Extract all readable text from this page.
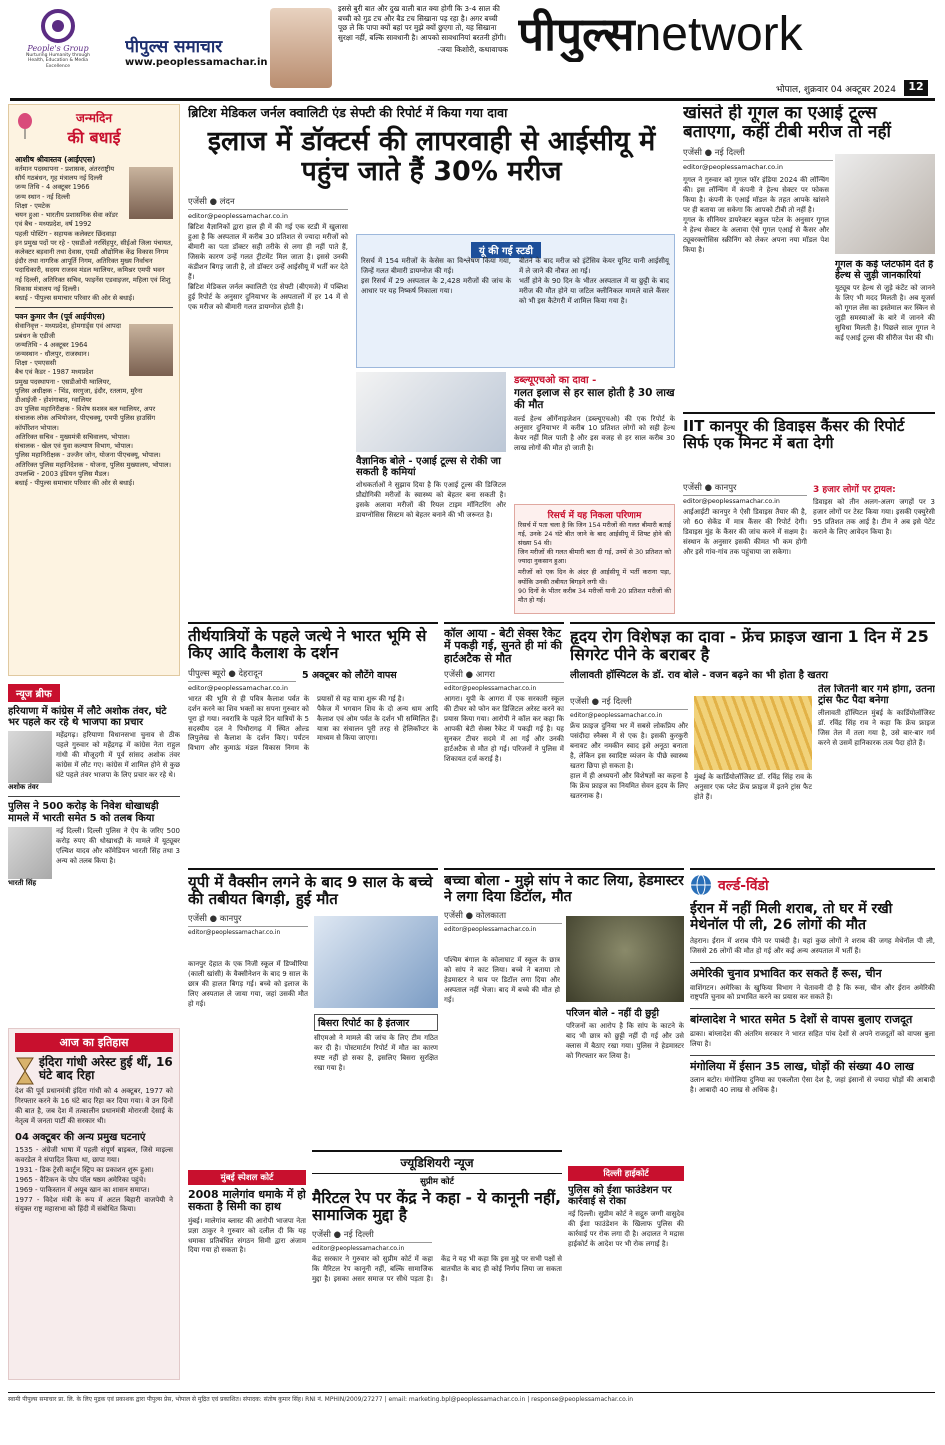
People's Group
Nurturing Humanity through Health, Education & Media Excellence
पीपुल्स समाचार
www.peoplessamachar.in
इससे बुरी बात और दुख वाली बात क्या होगी कि 3-4 साल की बच्ची को गुड टच और बैड टच सिखाना पड़ रहा है। अगर बच्ची पूछ ले कि पापा क्यों बहां पर मुझे क्यों छुएगा तो, यह सिखाना सुरक्षा नहीं, बल्कि सावधानी है। आपको सावधानियां बरतनी होंगी।
-जया किशोरी, कथावाचक पीपुल्सnetwork
भोपाल, शुक्रवार 04 अक्टूबर 2024	12
जन्मदिन
की बधाई
आशीष श्रीवास्तव (आईएएस)
वर्तमान पदस्थापना - प्रशासक, अंतरराष्ट्रीय सौर्य गठबंधन, गृह मंत्रालय नई दिल्ली
जन्म तिथि - 4 अक्टूबर 1966
जन्म स्थान - नई दिल्ली
शिक्षा - एमटेक
चयन हुआ - भारतीय प्रशासनिक सेवा कॉडर एवं बैच - मध्यप्रदेश, वर्ष 1992
पहली पोस्टिंग - सहायक कलेक्टर छिंदवाड़ा
इन प्रमुख पदों पर रहे - एसडीओ नरसिंहपुर, सीईओ जिला पंचायत, कलेक्टर बड़वानी तथा देवास, एमडी औद्योगिक केंद्र विकास निगम इंदौर तथा नागरिक आपूर्ति निगम, अतिरिक्त मुख्य निर्वाचन पदाधिकारी, सदस्य राजस्व मंडल ग्वालियर, कमिश्नर एमपी भवन नई दिल्ली, अतिरिक्त सचिव, फाइनेंस एडवाइजर, महिला एवं शिशु विकास मंत्रालय नई दिल्ली।
बधाई - पीपुल्स समाचार परिवार की ओर से बधाई।
पवन कुमार जैन (पूर्व आईपीएस)
सेवानिवृत्त - मध्यप्रदेश, होमगार्ड्स एवं आपदा प्रबंधन के एडीजी
जन्मतिथि - 4 अक्टूबर 1964
जन्मस्थान - धौलपुर, राजस्थान।
शिक्षा - एमएससी
बैच एवं कैडर - 1987 मध्यप्रदेश
प्रमुख पदस्थापना - एसडीओपी ग्वालियर, पुलिस अधीक्षक - भिंड, सरगुजा, इंदौर, रतलाम, मुरैना
डीआईजी - होशंगाबाद, ग्वालियर
उप पुलिस महानिरीक्षक - विशेष सशस्त्र बल ग्वालियर, अपर संचालक लोक अभियोजन, पीएचक्यू, एमपी पुलिस हाउसिंग कॉर्पोरेशन भोपाल।
अतिरिक्त सचिव - मुख्यमंत्री सचिवालय, भोपाल।
संचालक - खेल एवं युवा कल्याण विभाग, भोपाल।
पुलिस महानिरीक्षक - उज्जैन जोन, योजना पीएचक्यू, भोपाल।
अतिरिक्त पुलिस महानिदेशक - योजना, पुलिस मुख्यालय, भोपाल।
उपलब्धि - 2003 इंडियन पुलिस मैडल।
बधाई - पीपुल्स समाचार परिवार की ओर से बधाई।
न्यूज ब्रीफ
हरियाणा में कांग्रेस में लौटे अशोक तंवर, घंटे भर पहले कर रहे थे भाजपा का प्रचार
महेंद्रगढ़। हरियाणा विधानसभा चुनाव से ठीक पहले गुरुवार को महेंद्रगढ़ में कांग्रेस नेता राहुल गांधी की मौजूदगी में पूर्व सांसद अशोक तंवर कांग्रेस में लौट गए। कांग्रेस में शामिल होने से कुछ घंटे पहले तंवर भाजपा के लिए प्रचार कर रहे थे।
अशोक तंवर
पुलिस ने 500 करोड़ के निवेश धोखाधड़ी मामले में भारती समेत 5 को तलब किया
नई दिल्ली। दिल्ली पुलिस ने ऐप के जरिए 500 करोड़ रुपए की धोखाधड़ी के मामले में यूट्यूबर एल्विश यादव और कॉमेडियन भारती सिंह तथा 3 अन्य को तलब किया है।
भारती सिंह
आज का इतिहास
इंदिरा गांधी अरेस्ट हुई थीं, 16 घंटे बाद रिहा
देश की पूर्व प्रधानमंत्री इंदिरा गांधी को 4 अक्टूबर, 1977 को गिरफ्तार करने के 16 घंटे बाद रिहा कर दिया गया। वे उन दिनों की बात है, जब देश में तत्कालीन प्रधानमंत्री मोरारजी देसाई के नेतृत्व में जनता पार्टी की सरकार थी।
04 अक्टूबर की अन्य प्रमुख घटनाएं
1535 - अंग्रेजी भाषा में पहली संपूर्ण बाइबल, जिसे माइल्स कवरडेल ने संपादित किया था, छापा गया।
1931 - डिक ट्रेसी कार्टून स्ट्रिप का प्रकाशन शुरू हुआ।
1965 - वैटिकन के पोप पॉल षष्ठम अमेरिका पहुंचे।
1969 - पाकिस्तान में अयूब खान का शासन समाप्त।
1977 - विदेश मंत्री के रूप में अटल बिहारी वाजपेयी ने संयुक्त राष्ट्र महासभा को हिंदी में संबोधित किया।
ब्रिटिश मेडिकल जर्नल क्वालिटी एंड सेफ्टी की रिपोर्ट में किया गया दावा
इलाज में डॉक्टर्स की लापरवाही से आईसीयू में पहुंच जाते हैं 30% मरीज
एजेंसी ● लंदन
editor@peoplessamachar.co.in
ब्रिटिश वैज्ञानिकों द्वारा हाल ही में की गई एक स्टडी में खुलासा हुआ है कि अस्पताल में करीब 30 प्रतिशत से ज्यादा मरीजों को बीमारी का पता डॉक्टर सही तरीके से लगा ही नहीं पाते हैं, जिसके कारण उन्हें गलत ट्रीटमेंट मिल जाता है। इससे उनकी कंडीशन बिगड़ जाती है, तो डॉक्टर उन्हें आईसीयू में भर्ती कर देते हैं।
ब्रिटिश मेडिकल जर्नल क्वालिटी एंड सेफ्टी (बीएमजे) में पब्लिश हुई रिपोर्ट के अनुसार दुनियाभर के अस्पतालों में हर 14 में से एक मरीज को बीमारी गलत डायग्नोज होती है।
यूं की गई स्टडी
रिसर्च में 154 मरीजों के केसेस का विश्लेषण किया गया, जिन्हें गलत बीमारी डायग्नोज की गई।
इस रिसर्च में 29 अस्पताल के 2,428 मरीजों की जांच के आधार पर यह निष्कर्ष निकाला गया।
बीतने के बाद मरीज को इंटेंसिव केयर यूनिट यानी आईसीयू में ले जाने की नौबत आ गई।
भर्ती होने के 90 दिन के भीतर अस्पताल में या छुट्टी के बाद मरीज की मौत होने या जटिल क्लीनिकल मामले वाले कैंसर को भी इस कैटेगरी में शामिल किया गया है।
वैज्ञानिक बोले - एआई टूल्स से रोकी जा सकती है कमियां
शोधकर्ताओं ने सुझाव दिया है कि एआई टूल्स की डिजिटल प्रौद्योगिकी मरीजों के स्वास्थ्य को बेहतर बना सकती है। इसके अलावा मरीजों की रियल टाइम मॉनिटरिंग और डायग्नोसिस सिस्टम को बेहतर बनाने की भी जरूरत है।
डब्ल्यूएचओ का दावा -
गलत इलाज से हर साल होती है 30 लाख की मौत
वर्ल्ड हेल्थ ऑर्गेनाइजेशन (डब्ल्यूएचओ) की एक रिपोर्ट के अनुसार दुनियाभर में करीब 10 प्रतिशत लोगों को सही हेल्थ केयर नहीं मिल पाती है और इस वजह से हर साल करीब 30 लाख लोगों की मौत हो जाती है।
रिसर्च में यह निकला परिणाम
रिसर्च में पता चला है कि जिन 154 मरीजों की गलत बीमारी बताई गई, उनके 24 घंटे बीत जाने के बाद आईसीयू में शिफ्ट होने की संख्या 54 थी।
जिन मरीजों की गलत बीमारी बता दी गई, उनमें से 30 प्रतिशत को ज्यादा नुकसान हुआ।
मरीजों को एक दिन के अंदर ही आईसीयू में भर्ती कराना पड़ा, क्योंकि उनकी तबीयत बिगड़ने लगी थी।
90 दिनों के भीतर करीब 34 मरीजों यानी 20 प्रतिशत मरीजों की मौत हो गई।
खांसते ही गूगल का एआई टूल्स बताएगा, कहीं टीबी मरीज तो नहीं
एजेंसी ● नई दिल्ली
editor@peoplessamachar.co.in
गूगल ने गुरुवार को गूगल फॉर इंडिया 2024 की लॉन्चिंग की। इस लॉन्चिंग में कंपनी ने हेल्थ सेक्टर पर फोकस किया है। कंपनी के एआई मॉडल के तहत आपके खांसने पर ही बताया जा सकेगा कि आपको टीबी तो नहीं है।
गूगल के सीनियर डायरेक्टर बकुल पटेल के अनुसार गूगल ने हेल्थ सेक्टर के अलावा ऐसे गूगल एआई से कैंसर और ट्यूबरक्लोसिस स्क्रीनिंग को लेकर अपना नया मॉडल पेश किया है।
गूगल के कई प्लेटफॉर्म देते हैं हेल्थ से जुड़ी जानकारियां
यूट्यूब पर हेल्थ से जुड़े कंटेंट को जानने के लिए भी मदद मिलती है। अब यूजर्स को गूगल लेंस का इस्तेमाल कर स्किन से जुड़ी समस्याओं के बारे में जानने की सुविधा मिलती है। पिछले साल गूगल ने कई एआई टूल्स की सीरीज पेश की थी।
IIT कानपुर की डिवाइस कैंसर की रिपोर्ट सिर्फ एक मिनट में बता देगी
एजेंसी ● कानपुर
editor@peoplessamachar.co.in
आईआईटी कानपुर ने ऐसी डिवाइस तैयार की है, जो 60 सेकेंड में मात्र कैंसर की रिपोर्ट देगी। डिवाइस मुंह के कैंसर की जांच करने में सक्षम है। संस्थान के अनुसार इसकी कीमत भी कम होगी और इसे गांव-गांव तक पहुंचाया जा सकेगा।
3 हजार लोगों पर ट्रायल:
डिवाइस को तीन अलग-अलग जगहों पर 3 हजार लोगों पर टेस्ट किया गया। इसकी एक्युरेसी 95 प्रतिशत तक आई है। टीम ने अब इसे पेटेंट कराने के लिए आवेदन किया है।
तीर्थयात्रियों के पहले जत्थे ने भारत भूमि से किए आदि कैलाश के दर्शन
पीपुल्स ब्यूरो ● देहरादून	5 अक्टूबर को लौटेंगे वापस
editor@peoplessamachar.co.in
भारत की भूमि से ही पवित्र कैलाश पर्वत के दर्शन करने का शिव भक्तों का सपना गुरुवार को पूरा हो गया। नवरात्रि के पहले दिन यात्रियों के 5 सदस्यीय दल ने पिथौरागढ़ में स्थित ओल्ड लिपुलेख से कैलाश के दर्शन किए। पर्यटन विभाग और कुमाऊं मंडल विकास निगम के प्रयासों से यह यात्रा शुरू की गई है।
पैकेज में भगवान शिव के दो अन्य धाम आदि कैलाश एवं ओम पर्वत के दर्शन भी सम्मिलित हैं। यात्रा का संचालन पूरी तरह से हेलिकॉप्टर के माध्यम से किया जाएगा।
कॉल आया - बेटी सेक्स रैकेट में पकड़ी गई, सुनते ही मां की हार्टअटैक से मौत
एजेंसी ● आगरा
editor@peoplessamachar.co.in
आगरा। यूपी के आगरा में एक सरकारी स्कूल की टीचर को फोन कर डिजिटल अरेस्ट करने का प्रयास किया गया। आरोपी ने कॉल कर कहा कि आपकी बेटी सेक्स रैकेट में पकड़ी गई है। यह सुनकर टीचर सदमे में आ गईं और उनकी हार्टअटैक से मौत हो गई। परिजनों ने पुलिस में शिकायत दर्ज कराई है।
हृदय रोग विशेषज्ञ का दावा - फ्रेंच फ्राइज खाना 1 दिन में 25 सिगरेट पीने के बराबर है
लीलावती हॉस्पिटल के डॉ. राव बोले - वजन बढ़ने का भी होता है खतरा
एजेंसी ● नई दिल्ली
editor@peoplessamachar.co.in
फ्रेंच फ्राइज दुनिया भर में सबसे लोकप्रिय और पसंदीदा स्नैक्स में से एक है। इसकी कुरकुरी बनावट और नमकीन स्वाद इसे अनूठा बनाता है, लेकिन इस स्वादिष्ट व्यंजन के पीछे स्वास्थ्य खतरा छिपा हो सकता है।
हाल में ही अध्ययनों और विशेषज्ञों का कहना है कि फ्रेंच फ्राइज का नियमित सेवन हृदय के लिए खतरनाक है।
मुंबई के कार्डियोलॉजिस्ट डॉ. रविंद्र सिंह राव के अनुसार एक प्लेट फ्रेंच फ्राइज में इतने ट्रांस फैट होते हैं।
तेल जितनी बार गर्म होगा, उतना ट्रांस फैट पैदा बनेगा
लीलावती हॉस्पिटल मुंबई के कार्डियोलॉजिस्ट डॉ. रविंद्र सिंह राव ने कहा कि फ्रेंच फ्राइज जिस तेल में तला गया है, उसे बार-बार गर्म करने से उसमें हानिकारक तत्व पैदा होते हैं।
यूपी में वैक्सीन लगने के बाद 9 साल के बच्चे की तबीयत बिगड़ी, हुई मौत
एजेंसी ● कानपुर
editor@peoplessamachar.co.in
कानपुर देहात के एक निजी स्कूल में डिप्थीरिया (काली खांसी) के वैक्सीनेशन के बाद 9 साल के छात्र की हालत बिगड़ गई। बच्चे को इलाज के लिए अस्पताल ले जाया गया, जहां उसकी मौत हो गई।
बिसरा रिपोर्ट का है इंतजार
सीएमओ ने मामले की जांच के लिए टीम गठित कर दी है। पोस्टमार्टम रिपोर्ट में मौत का कारण स्पष्ट नहीं हो सका है, इसलिए बिसरा सुरक्षित रखा गया है।
बच्चा बोला - मुझे सांप ने काट लिया, हेडमास्टर ने लगा दिया डिटॉल, मौत
एजेंसी ● कोलकाता
editor@peoplessamachar.co.in
पश्चिम बंगाल के कोलाघाट में स्कूल के छात्र को सांप ने काट लिया। बच्चे ने बताया तो हेडमास्टर ने घाव पर डिटॉल लगा दिया और अस्पताल नहीं भेजा। बाद में बच्चे की मौत हो गई।
परिजन बोले - नहीं दी छुट्टी
परिजनों का आरोप है कि सांप के काटने के बाद भी छात्र को छुट्टी नहीं दी गई और उसे क्लास में बैठाए रखा गया। पुलिस ने हेडमास्टर को गिरफ्तार कर लिया है।
वर्ल्ड-विंडो
ईरान में नहीं मिली शराब, तो घर में रखी मेथेनॉल पी ली, 26 लोगों की मौत
तेहरान। ईरान में शराब पीने पर पाबंदी है। यहां कुछ लोगों ने शराब की जगह मेथेनॉल पी ली, जिससे 26 लोगों की मौत हो गई और कई अन्य अस्पताल में भर्ती हैं।
अमेरिकी चुनाव प्रभावित कर सकते हैं रूस, चीन
वाशिंगटन। अमेरिका के खुफिया विभाग ने चेतावनी दी है कि रूस, चीन और ईरान अमेरिकी राष्ट्रपति चुनाव को प्रभावित करने का प्रयास कर सकते हैं।
बांग्लादेश ने भारत समेत 5 देशों से वापस बुलाए राजदूत
ढाका। बांग्लादेश की अंतरिम सरकार ने भारत सहित पांच देशों से अपने राजदूतों को वापस बुला लिया है।
मंगोलिया में ईसान 35 लाख, घोड़ों की संख्या 40 लाख
उलान बटोर। मंगोलिया दुनिया का एकलौता ऐसा देश है, जहां इंसानों से ज्यादा घोड़ों की आबादी है। आबादी 40 लाख से अधिक है।
मुंबई स्पेशल कोर्ट
2008 मालेगांव धमाके में हो सकता है सिमी का हाथ
मुंबई। मालेगांव ब्लास्ट की आरोपी भाजपा नेता प्रज्ञा ठाकुर ने गुरुवार को दलील दी कि यह धमाका प्रतिबंधित संगठन सिमी द्वारा अंजाम दिया गया हो सकता है।
ज्यूडिशियरी न्यूज
सुप्रीम कोर्ट
मैरिटल रेप पर केंद्र ने कहा - ये कानूनी नहीं, सामाजिक मुद्दा है
एजेंसी ● नई दिल्ली
editor@peoplessamachar.co.in
केंद्र सरकार ने गुरुवार को सुप्रीम कोर्ट में कहा कि मैरिटल रेप कानूनी नहीं, बल्कि सामाजिक मुद्दा है। इसका असर समाज पर सीधे पड़ता है। केंद्र ने यह भी कहा कि इस मुद्दे पर सभी पक्षों से बातचीत के बाद ही कोई निर्णय लिया जा सकता है।
दिल्ली हाईकोर्ट
पुलिस को ईशा फाउंडेशन पर कार्रवाई से रोका
नई दिल्ली। सुप्रीम कोर्ट ने सद्गुरु जग्गी वासुदेव की ईशा फाउंडेशन के खिलाफ पुलिस की कार्रवाई पर रोक लगा दी है। अदालत ने मद्रास हाईकोर्ट के आदेश पर भी रोक लगाई है।
स्वामी पीपुल्स समाचार प्रा. लि. के लिए मुद्रक एवं प्रकाशक द्वारा पीपुल्स प्रेस, भोपाल से मुद्रित एवं प्रकाशित। संपादक: संतोष कुमार सिंह। RNI नं. MPHIN/2009/27277 | email: marketing.bpl@peoplessamachar.co.in | response@peoplessamachar.co.in
